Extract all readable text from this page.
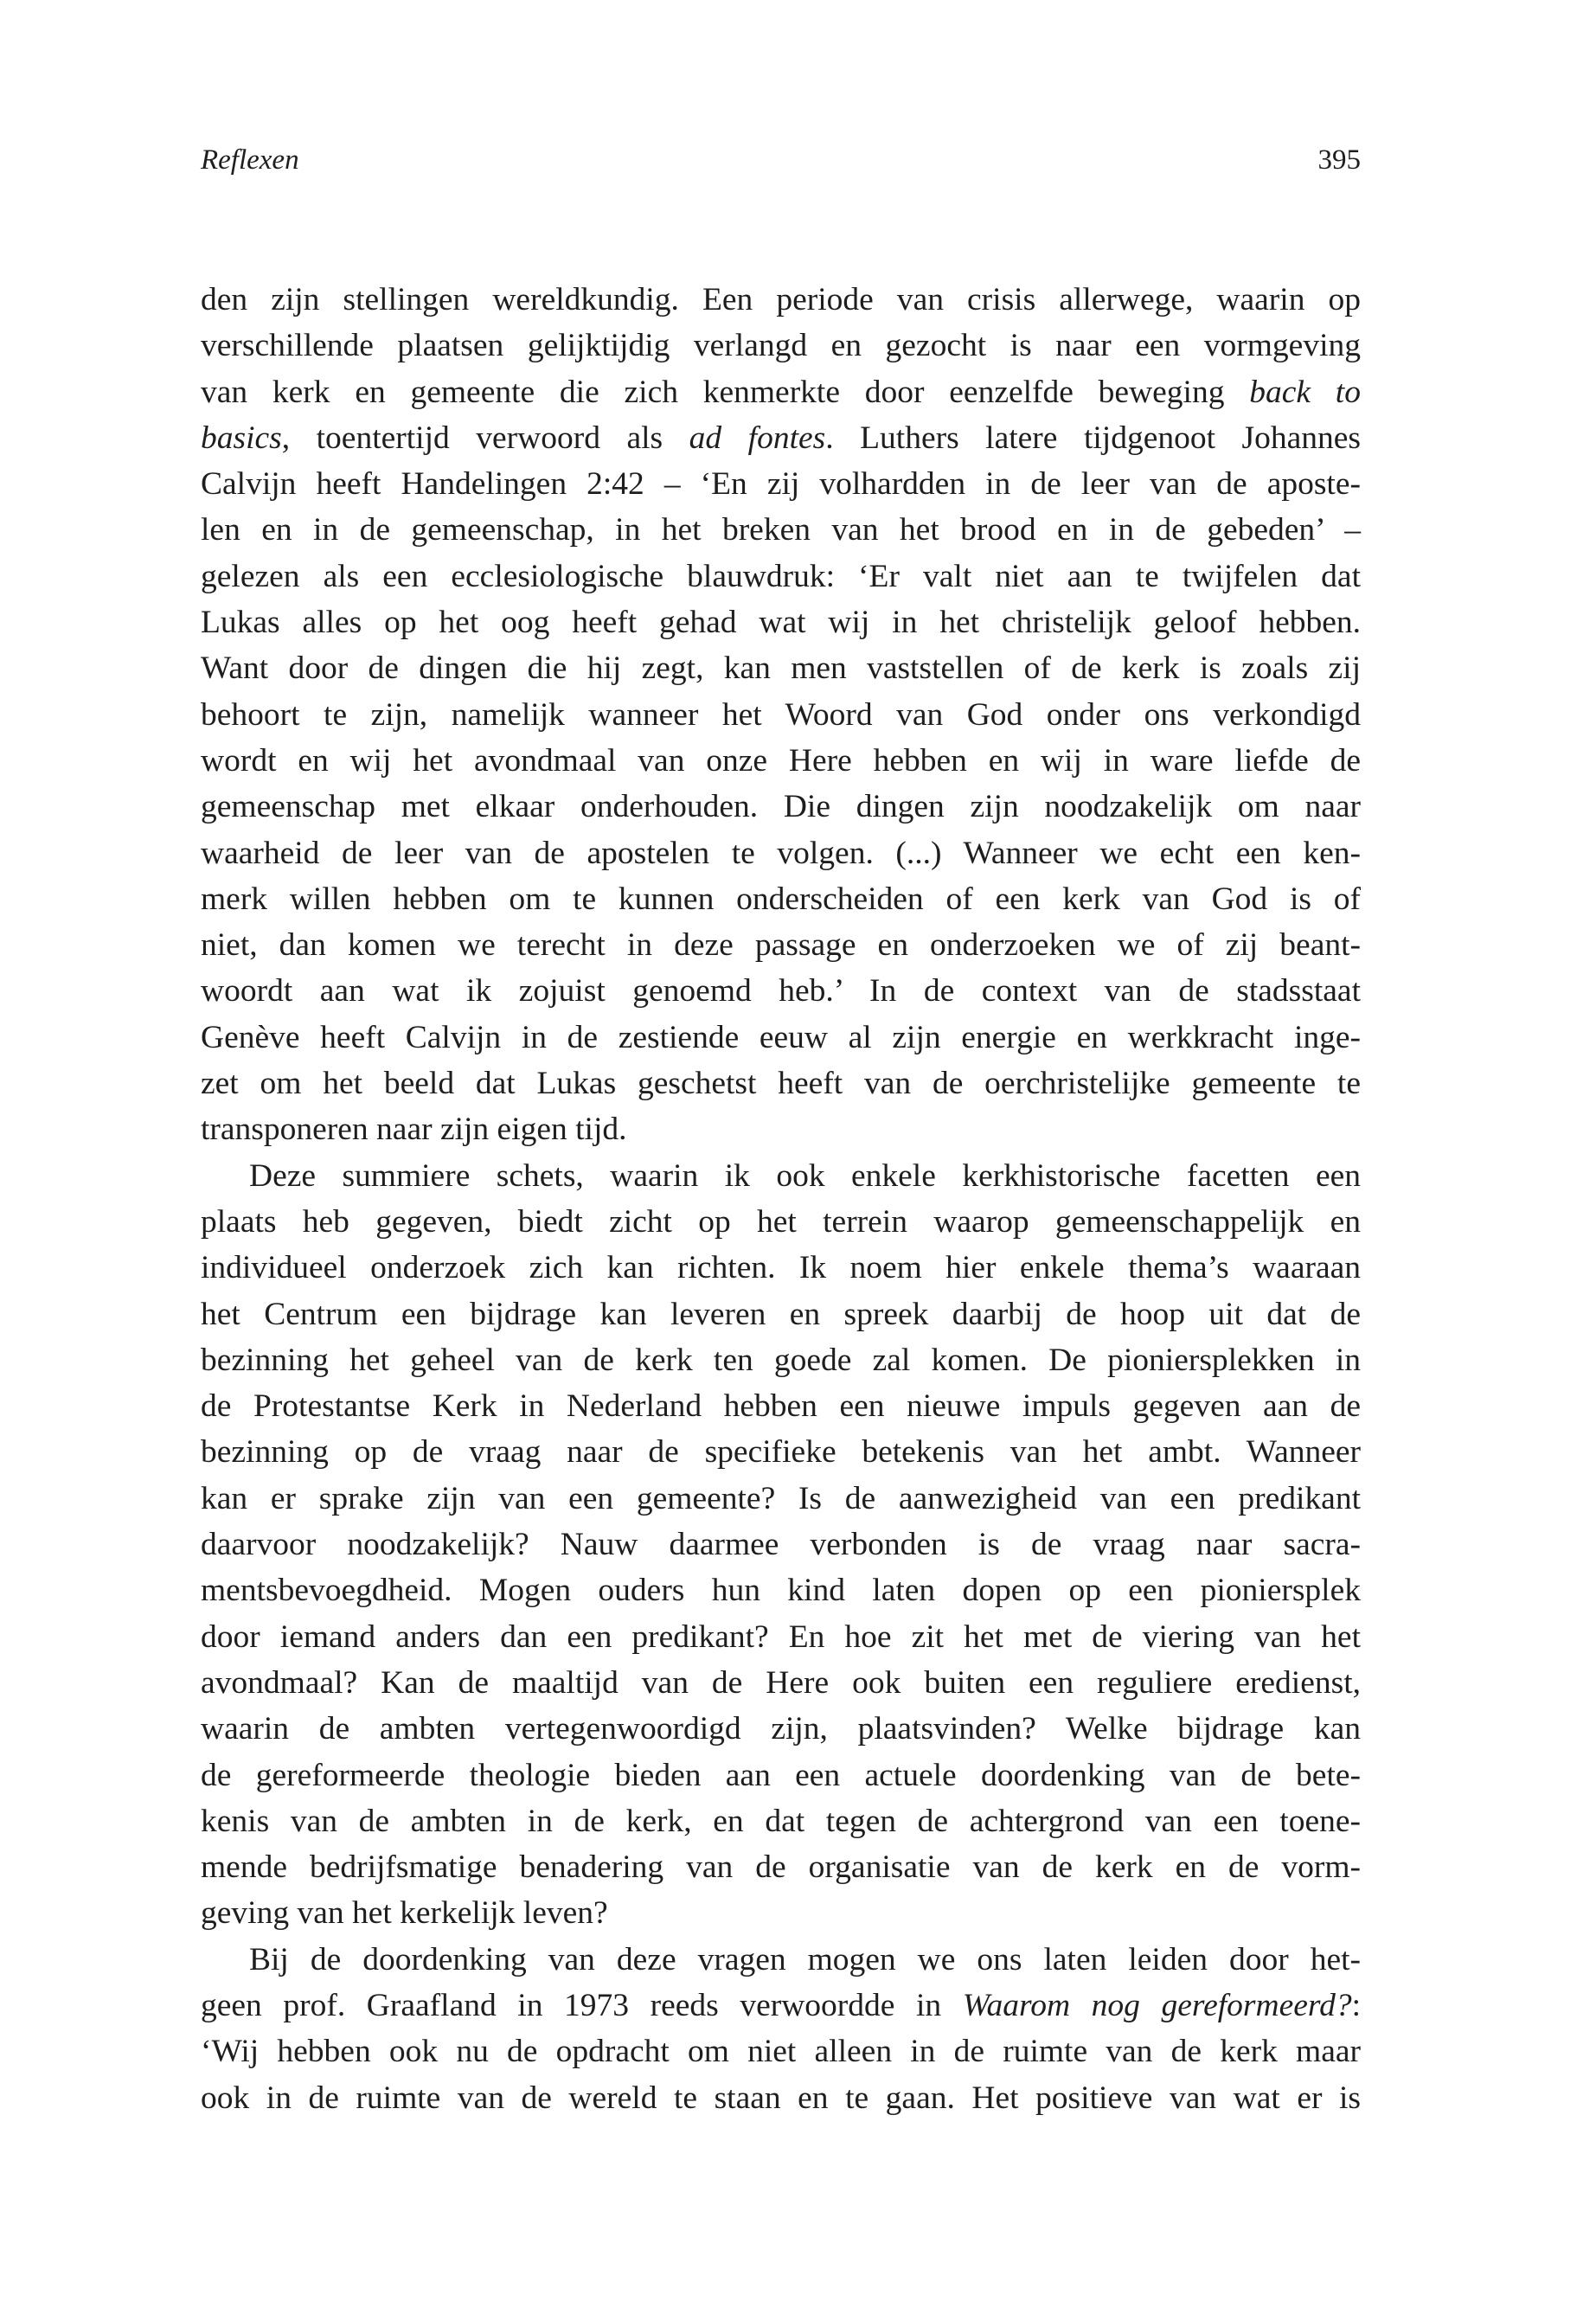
Reflexen	395
den zijn stellingen wereldkundig. Een periode van crisis allerwege, waarin op
verschillende plaatsen gelijktijdig verlangd en gezocht is naar een vormgeving
van kerk en gemeente die zich kenmerkte door eenzelfde beweging back to
basics, toentertijd verwoord als ad fontes. Luthers latere tijdgenoot Johannes
Calvijn heeft Handelingen 2:42 – ‘En zij volhardden in de leer van de aposte-
len en in de gemeenschap, in het breken van het brood en in de gebeden’ –
gelezen als een ecclesiologische blauwdruk: ‘Er valt niet aan te twijfelen dat
Lukas alles op het oog heeft gehad wat wij in het christelijk geloof hebben.
Want door de dingen die hij zegt, kan men vaststellen of de kerk is zoals zij
behoort te zijn, namelijk wanneer het Woord van God onder ons verkondigd
wordt en wij het avondmaal van onze Here hebben en wij in ware liefde de
gemeenschap met elkaar onderhouden. Die dingen zijn noodzakelijk om naar
waarheid de leer van de apostelen te volgen. (...) Wanneer we echt een ken-
merk willen hebben om te kunnen onderscheiden of een kerk van God is of
niet, dan komen we terecht in deze passage en onderzoeken we of zij beant-
woordt aan wat ik zojuist genoemd heb.’ In de context van de stadsstaat
Genève heeft Calvijn in de zestiende eeuw al zijn energie en werkkracht inge-
zet om het beeld dat Lukas geschetst heeft van de oerchristelijke gemeente te
transponeren naar zijn eigen tijd.
Deze summiere schets, waarin ik ook enkele kerkhistorische facetten een
plaats heb gegeven, biedt zicht op het terrein waarop gemeenschappelijk en
individueel onderzoek zich kan richten. Ik noem hier enkele thema’s waaraan
het Centrum een bijdrage kan leveren en spreek daarbij de hoop uit dat de
bezinning het geheel van de kerk ten goede zal komen. De pioniersplekken in
de Protestantse Kerk in Nederland hebben een nieuwe impuls gegeven aan de
bezinning op de vraag naar de specifieke betekenis van het ambt. Wanneer
kan er sprake zijn van een gemeente? Is de aanwezigheid van een predikant
daarvoor noodzakelijk? Nauw daarmee verbonden is de vraag naar sacra-
mentsbevoegdheid. Mogen ouders hun kind laten dopen op een pioniersplek
door iemand anders dan een predikant? En hoe zit het met de viering van het
avondmaal? Kan de maaltijd van de Here ook buiten een reguliere eredienst,
waarin de ambten vertegenwoordigd zijn, plaatsvinden? Welke bijdrage kan
de gereformeerde theologie bieden aan een actuele doordenking van de bete-
kenis van de ambten in de kerk, en dat tegen de achtergrond van een toene-
mende bedrijfsmatige benadering van de organisatie van de kerk en de vorm-
geving van het kerkelijk leven?
Bij de doordenking van deze vragen mogen we ons laten leiden door het-
geen prof. Graafland in 1973 reeds verwoordde in Waarom nog gereformeerd?:
‘Wij hebben ook nu de opdracht om niet alleen in de ruimte van de kerk maar
ook in de ruimte van de wereld te staan en te gaan. Het positieve van wat er is
